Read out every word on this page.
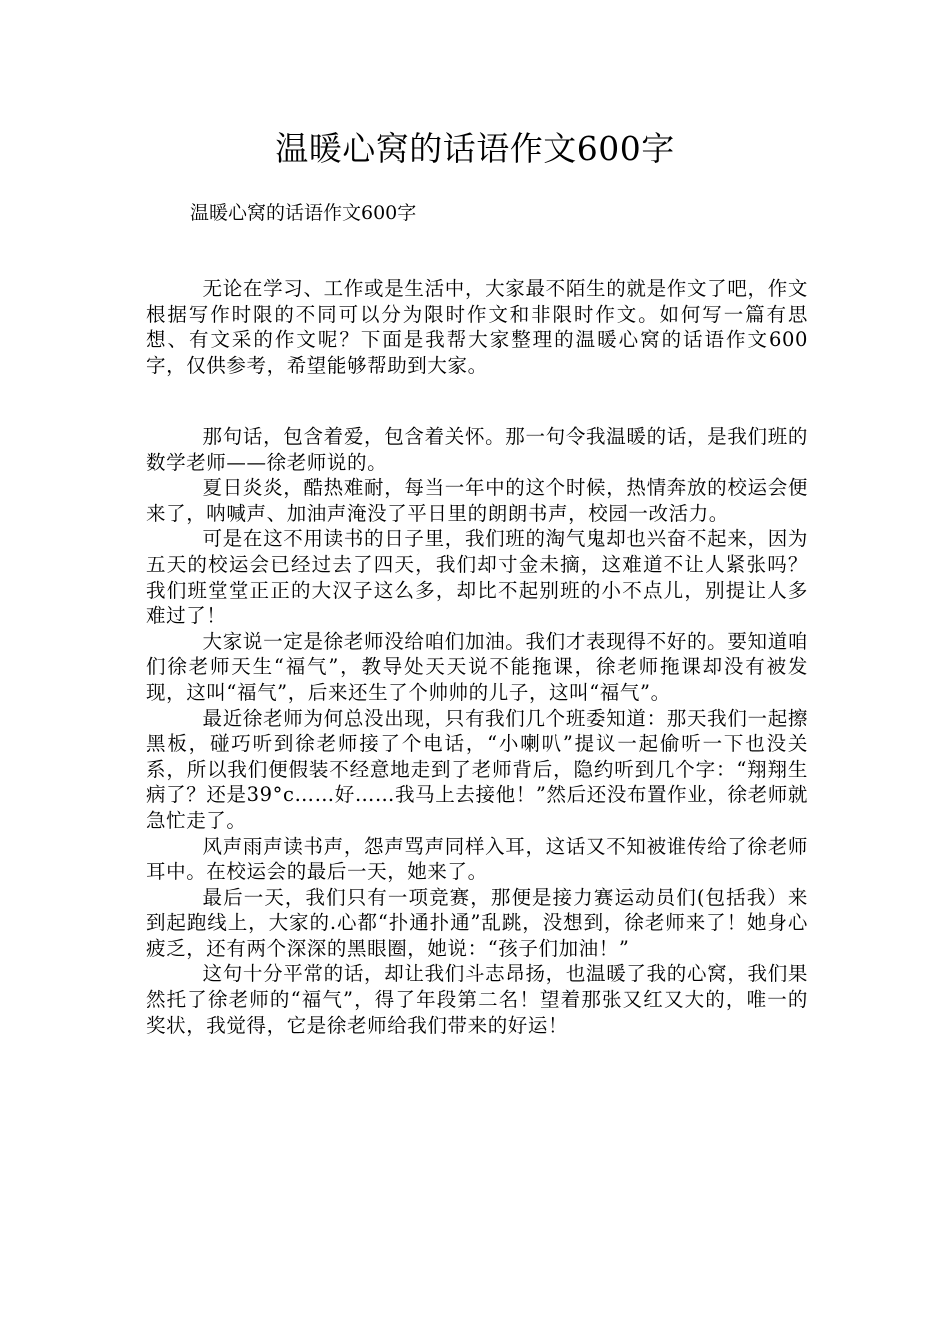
温暖心窝的话语作文600字

温暖心窝的话语作文600字

无论在学习、工作或是生活中，大家最不陌生的就是作文了吧，作文根据写作时限的不同可以分为限时作文和非限时作文。如何写一篇有思想、有文采的作文呢？下面是我帮大家整理的温暖心窝的话语作文600字，仅供参考，希望能够帮助到大家。

那句话，包含着爱，包含着关怀。那一句令我温暖的话，是我们班的数学老师——徐老师说的。

夏日炎炎，酷热难耐，每当一年中的这个时候，热情奔放的校运会便来了，呐喊声、加油声淹没了平日里的朗朗书声，校园一改活力。

可是在这不用读书的日子里，我们班的淘气鬼却也兴奋不起来，因为五天的校运会已经过去了四天，我们却寸金未摘，这难道不让人紧张吗？我们班堂堂正正的大汉子这么多，却比不起别班的小不点儿，别提让人多难过了！

大家说一定是徐老师没给咱们加油。我们才表现得不好的。要知道咱们徐老师天生“福气”，教导处天天说不能拖课，徐老师拖课却没有被发现，这叫“福气”，后来还生了个帅帅的儿子，这叫“福气”。

最近徐老师为何总没出现，只有我们几个班委知道：那天我们一起擦黑板，碰巧听到徐老师接了个电话，“小喇叭”提议一起偷听一下也没关系，所以我们便假装不经意地走到了老师背后，隐约听到几个字：“翔翔生病了？还是39°c……好……我马上去接他！”然后还没布置作业，徐老师就急忙走了。

风声雨声读书声，怨声骂声同样入耳，这话又不知被谁传给了徐老师耳中。在校运会的最后一天，她来了。

最后一天，我们只有一项竞赛，那便是接力赛运动员们(包括我）来到起跑线上，大家的.心都“扑通扑通”乱跳，没想到，徐老师来了！她身心疲乏，还有两个深深的黑眼圈，她说：“孩子们加油！”

这句十分平常的话，却让我们斗志昂扬，也温暖了我的心窝，我们果然托了徐老师的“福气”，得了年段第二名！望着那张又红又大的，唯一的奖状，我觉得，它是徐老师给我们带来的好运！
